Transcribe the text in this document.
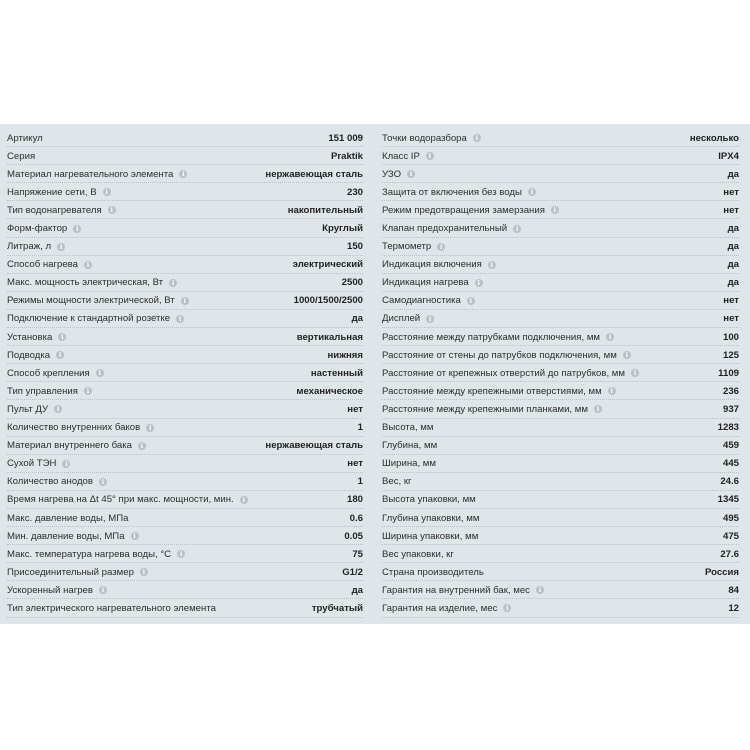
Артикул	151 009
Серия	Praktik
Материал нагревательного элемента	i	нержавеющая сталь
Напряжение сети, В	i	230
Тип водонагревателя	i	накопительный
Форм-фактор	i	Круглый
Литраж, л	i	150
Способ нагрева	i	электрический
Макс. мощность электрическая, Вт	i	2500
Режимы мощности электрической, Вт	i	1000/1500/2500
Подключение к стандартной розетке	i	да
Установка	i	вертикальная
Подводка	i	нижняя
Способ крепления	i	настенный
Тип управления	i	механическое
Пульт ДУ	i	нет
Количество внутренних баков	i	1
Материал внутреннего бака	i	нержавеющая сталь
Сухой ТЭН	i	нет
Количество анодов	i	1
Время нагрева на Δt 45° при макс. мощности, мин.	i	180
Макс. давление воды, МПа	0.6
Мин. давление воды, МПа	i	0.05
Макс. температура нагрева воды, °С	i	75
Присоединительный размер	i	G1/2
Ускоренный нагрев	i	да
Тип электрического нагревательного элемента	трубчатый
Точки водоразбора	i	несколько
Класс IP	i	IPX4
УЗО	i	да
Защита от включения без воды	i	нет
Режим предотвращения замерзания	i	нет
Клапан предохранительный	i	да
Термометр	i	да
Индикация включения	i	да
Индикация нагрева	i	да
Самодиагностика	i	нет
Дисплей	i	нет
Расстояние между патрубками подключения, мм	i	100
Расстояние от стены до патрубков подключения, мм	i	125
Расстояние от крепежных отверстий до патрубков, мм	i	1109
Расстояние между крепежными отверстиями, мм	i	236
Расстояние между крепежными планками, мм	i	937
Высота, мм	1283
Глубина, мм	459
Ширина, мм	445
Вес, кг	24.6
Высота упаковки, мм	1345
Глубина упаковки, мм	495
Ширина упаковки, мм	475
Вес упаковки, кг	27.6
Страна производитель	Россия
Гарантия на внутренний бак, мес	i	84
Гарантия на изделие, мес	i	12
